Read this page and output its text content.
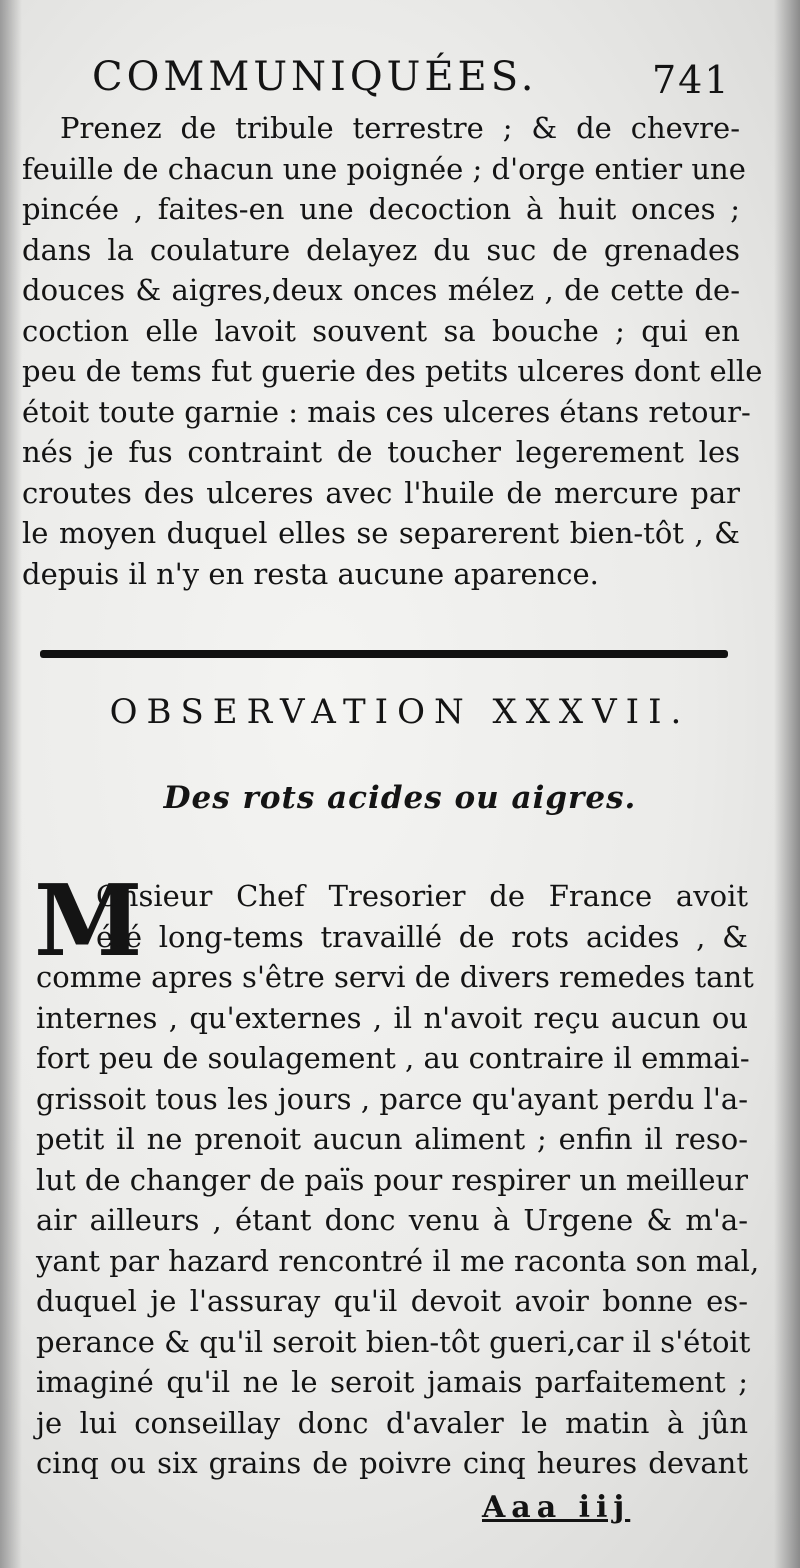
COMMUNIQUÉES.	741
Prenez de tribule terrestre ; & de chevre-
feuille de chacun une poignée ; d'orge entier une
pincée , faites-en une decoction à huit onces ;
dans la coulature delayez du suc de grenades
douces & aigres,deux onces mélez , de cette de-
coction elle lavoit souvent sa bouche ; qui en
peu de tems fut guerie des petits ulceres dont elle
étoit toute garnie : mais ces ulceres étans retour-
nés je fus contraint de toucher legerement les
croutes des ulceres avec l'huile de mercure par
le moyen duquel elles se separerent bien-tôt , &
depuis il n'y en resta aucune aparence.
OBSERVATION XXXVII.
Des rots acides ou aigres.
M
Onsieur Chef Tresorier de France avoit
été long-tems travaillé de rots acides , &
comme apres s'être servi de divers remedes tant
internes , qu'externes , il n'avoit reçu aucun ou
fort peu de soulagement , au contraire il emmai-
grissoit tous les jours , parce qu'ayant perdu l'a-
petit il ne prenoit aucun aliment ; enfin il reso-
lut de changer de païs pour respirer un meilleur
air ailleurs , étant donc venu à Urgene & m'a-
yant par hazard rencontré il me raconta son mal,
duquel je l'assuray qu'il devoit avoir bonne es-
perance & qu'il seroit bien-tôt gueri,car il s'étoit
imaginé qu'il ne le seroit jamais parfaitement ;
je lui conseillay donc d'avaler le matin à jûn
cinq ou six grains de poivre cinq heures devant
Aaa iij
